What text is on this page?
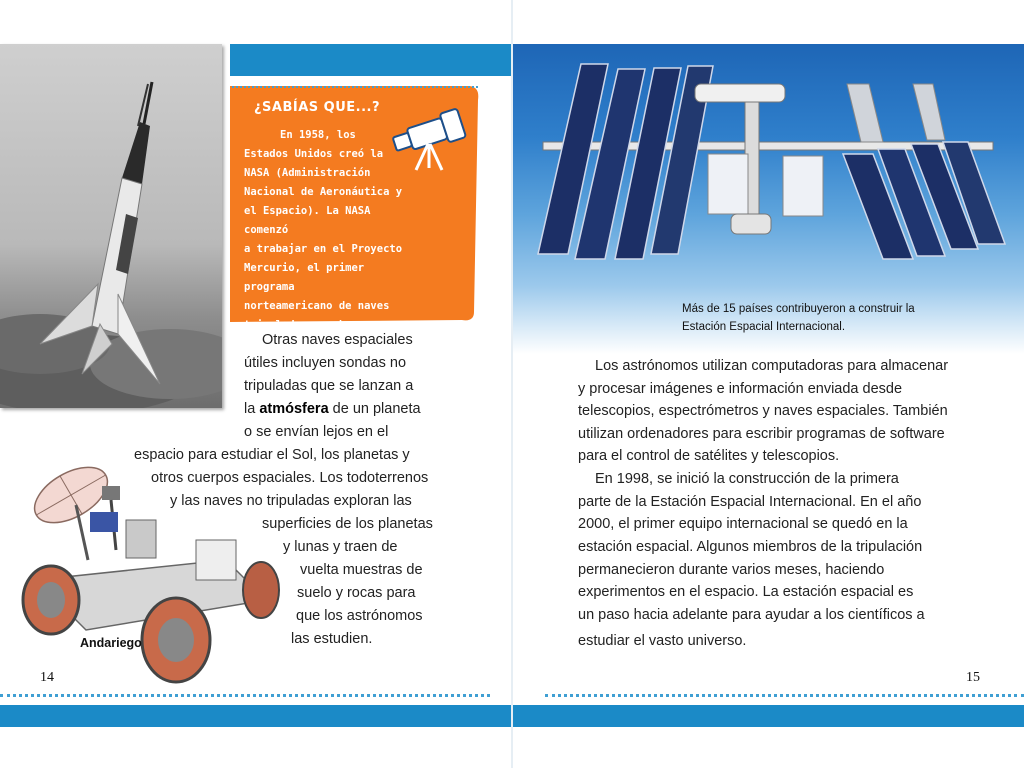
¿SABÍAS QUE...?
En 1958, los
Estados Unidos creó la
NASA (Administración
Nacional de Aeronáutica y
el Espacio). La NASA comenzó
a trabajar en el Proyecto
Mercurio, el primer programa
norteamericano de naves
tripuladas por humanos.
Otras naves espaciales
útiles incluyen sondas no
tripuladas que se lanzan a
la atmósfera de un planeta
o se envían lejos en el
espacio para estudiar el Sol, los planetas y
otros cuerpos espaciales. Los todoterrenos
y las naves no tripuladas exploran las
superficies de los planetas
y lunas y traen de
vuelta muestras de
suelo y rocas para
que los astrónomos
las estudien.
Andariego
14
Más de 15 países contribuyeron a construir la
Estación Espacial Internacional.
Los astrónomos utilizan computadoras para almacenar
y procesar imágenes e información enviada desde
telescopios, espectrómetros y naves espaciales. También
utilizan ordenadores para escribir programas de software
para el control de satélites y telescopios.
En 1998, se inició la construcción de la primera
parte de la Estación Espacial Internacional. En el año
2000, el primer equipo internacional se quedó en la
estación espacial. Algunos miembros de la tripulación
permanecieron durante varios meses, haciendo
experimentos en el espacio. La estación espacial es
un paso hacia adelante para ayudar a los científicos a
estudiar el vasto universo.
15
